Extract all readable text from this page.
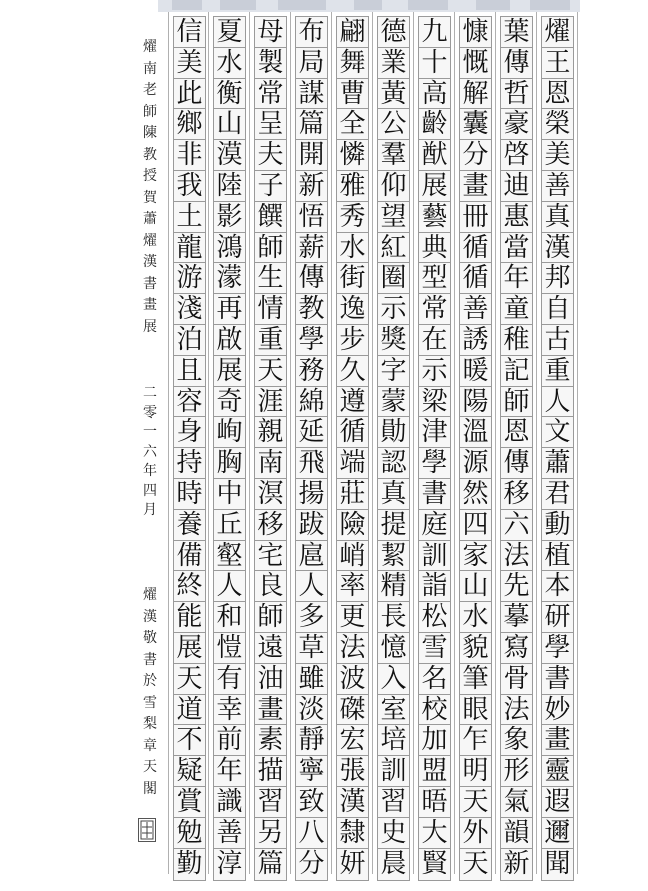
燿
王
恩
榮
美
善
真
漢
邦
自
古
重
人
文
蕭
君
動
植
本
研
學
書
妙
畫
靈
遐
邇
聞
葉
傳
哲
豪
啓
迪
惠
當
年
童
稚
記
師
恩
傳
移
六
法
先
摹
寫
骨
法
象
形
氣
韻
新
慷
慨
解
囊
分
畫
冊
循
循
善
誘
暖
陽
溫
源
然
四
家
山
水
貌
筆
眼
乍
明
天
外
天
九
十
高
齡
猷
展
藝
典
型
常
在
示
梁
津
學
書
庭
訓
詣
松
雪
名
校
加
盟
晤
大
賢
德
業
黃
公
羣
仰
望
紅
圈
示
獎
字
蒙
勛
認
真
提
絜
精
長
憶
入
室
培
訓
習
史
晨
翩
舞
曹
全
憐
雅
秀
水
街
逸
步
久
遵
循
端
莊
險
峭
率
更
法
波
磔
宏
張
漢
隸
妍
布
局
謀
篇
開
新
悟
薪
傳
教
學
務
綿
延
飛
揚
跋
扈
人
多
草
雖
淡
靜
寧
致
八
分
母
製
常
呈
夫
子
饌
師
生
情
重
天
涯
親
南
溟
移
宅
良
師
遠
油
畫
素
描
習
另
篇
夏
水
衡
山
漠
陸
影
鴻
濛
再
啟
展
奇
峋
胸
中
丘
壑
人
和
愷
有
幸
前
年
識
善
淳
信
美
此
鄉
非
我
土
龍
游
淺
泊
且
容
身
持
時
養
備
終
能
展
天
道
不
疑
賞
勉
勤
燿
南
老
師
陳
教
授
賀
蕭
燿
漢
書
畫
展
二
零
一
六
年
四
月
燿
漢
敬
書
於
雪
梨
章
天
閣
